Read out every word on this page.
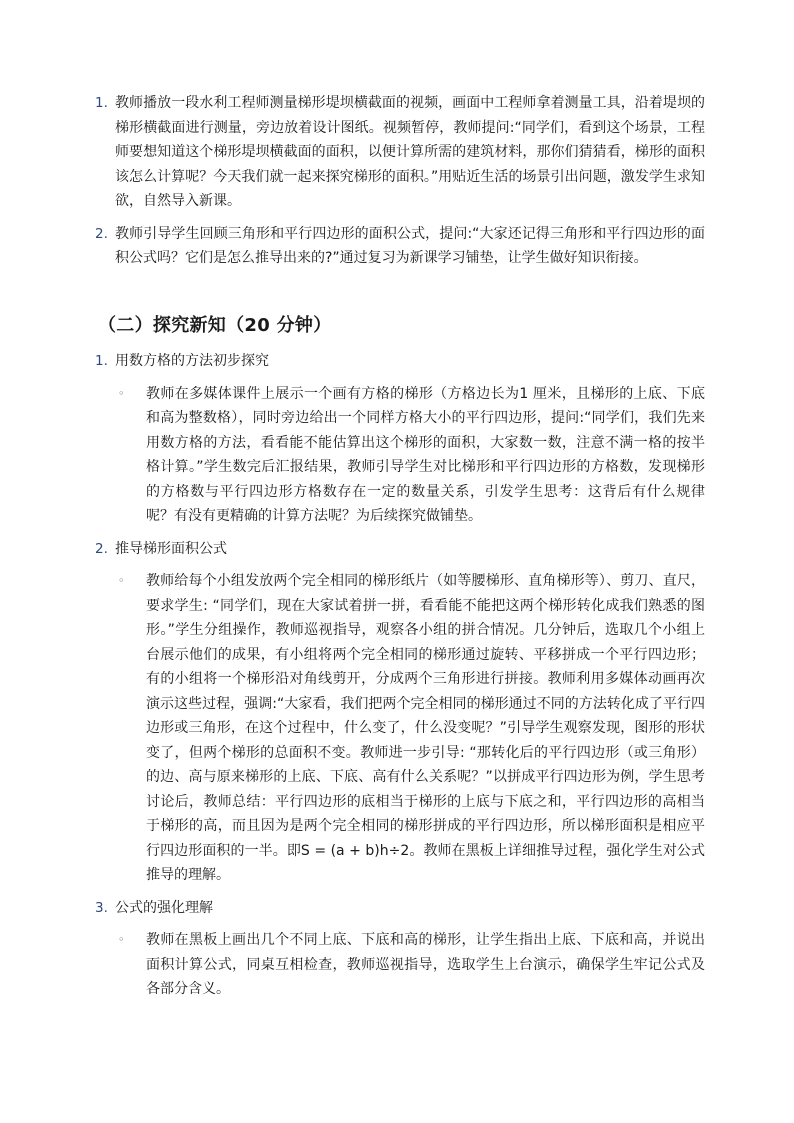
1. 教师播放一段水利工程师测量梯形堤坝横截面的视频，画面中工程师拿着测量工具，沿着堤坝的梯形横截面进行测量，旁边放着设计图纸。视频暂停，教师提问:“同学们，看到这个场景，工程师要想知道这个梯形堤坝横截面的面积，以便计算所需的建筑材料，那你们猜猜看，梯形的面积该怎么计算呢？今天我们就一起来探究梯形的面积。”用贴近生活的场景引出问题，激发学生求知欲，自然导入新课。
2. 教师引导学生回顾三角形和平行四边形的面积公式，提问:“大家还记得三角形和平行四边形的面积公式吗？它们是怎么推导出来的?”通过复习为新课学习铺垫，让学生做好知识衔接。
（二）探究新知（20 分钟）
1. 用数方格的方法初步探究
◦	教师在多媒体课件上展示一个画有方格的梯形（方格边长为1 厘米，且梯形的上底、下底和高为整数格），同时旁边给出一个同样方格大小的平行四边形，提问:“同学们，我们先来用数方格的方法，看看能不能估算出这个梯形的面积，大家数一数，注意不满一格的按半格计算。”学生数完后汇报结果，教师引导学生对比梯形和平行四边形的方格数，发现梯形的方格数与平行四边形方格数存在一定的数量关系，引发学生思考：这背后有什么规律呢？有没有更精确的计算方法呢？为后续探究做铺垫。
2. 推导梯形面积公式
◦	教师给每个小组发放两个完全相同的梯形纸片（如等腰梯形、直角梯形等）、剪刀、直尺，要求学生: “同学们，现在大家试着拼一拼，看看能不能把这两个梯形转化成我们熟悉的图形。”学生分组操作，教师巡视指导，观察各小组的拼合情况。几分钟后，选取几个小组上台展示他们的成果，有小组将两个完全相同的梯形通过旋转、平移拼成一个平行四边形；有的小组将一个梯形沿对角线剪开，分成两个三角形进行拼接。教师利用多媒体动画再次演示这些过程，强调:“大家看，我们把两个完全相同的梯形通过不同的方法转化成了平行四边形或三角形，在这个过程中，什么变了，什么没变呢？”引导学生观察发现，图形的形状变了，但两个梯形的总面积不变。教师进一步引导: “那转化后的平行四边形（或三角形）的边、高与原来梯形的上底、下底、高有什么关系呢？”以拼成平行四边形为例，学生思考讨论后，教师总结：平行四边形的底相当于梯形的上底与下底之和，平行四边形的高相当于梯形的高，而且因为是两个完全相同的梯形拼成的平行四边形，所以梯形面积是相应平行四边形面积的一半。即S = (a + b)h÷2。教师在黑板上详细推导过程，强化学生对公式推导的理解。
3. 公式的强化理解
◦	教师在黑板上画出几个不同上底、下底和高的梯形，让学生指出上底、下底和高，并说出面积计算公式，同桌互相检查，教师巡视指导，选取学生上台演示，确保学生牢记公式及各部分含义。
